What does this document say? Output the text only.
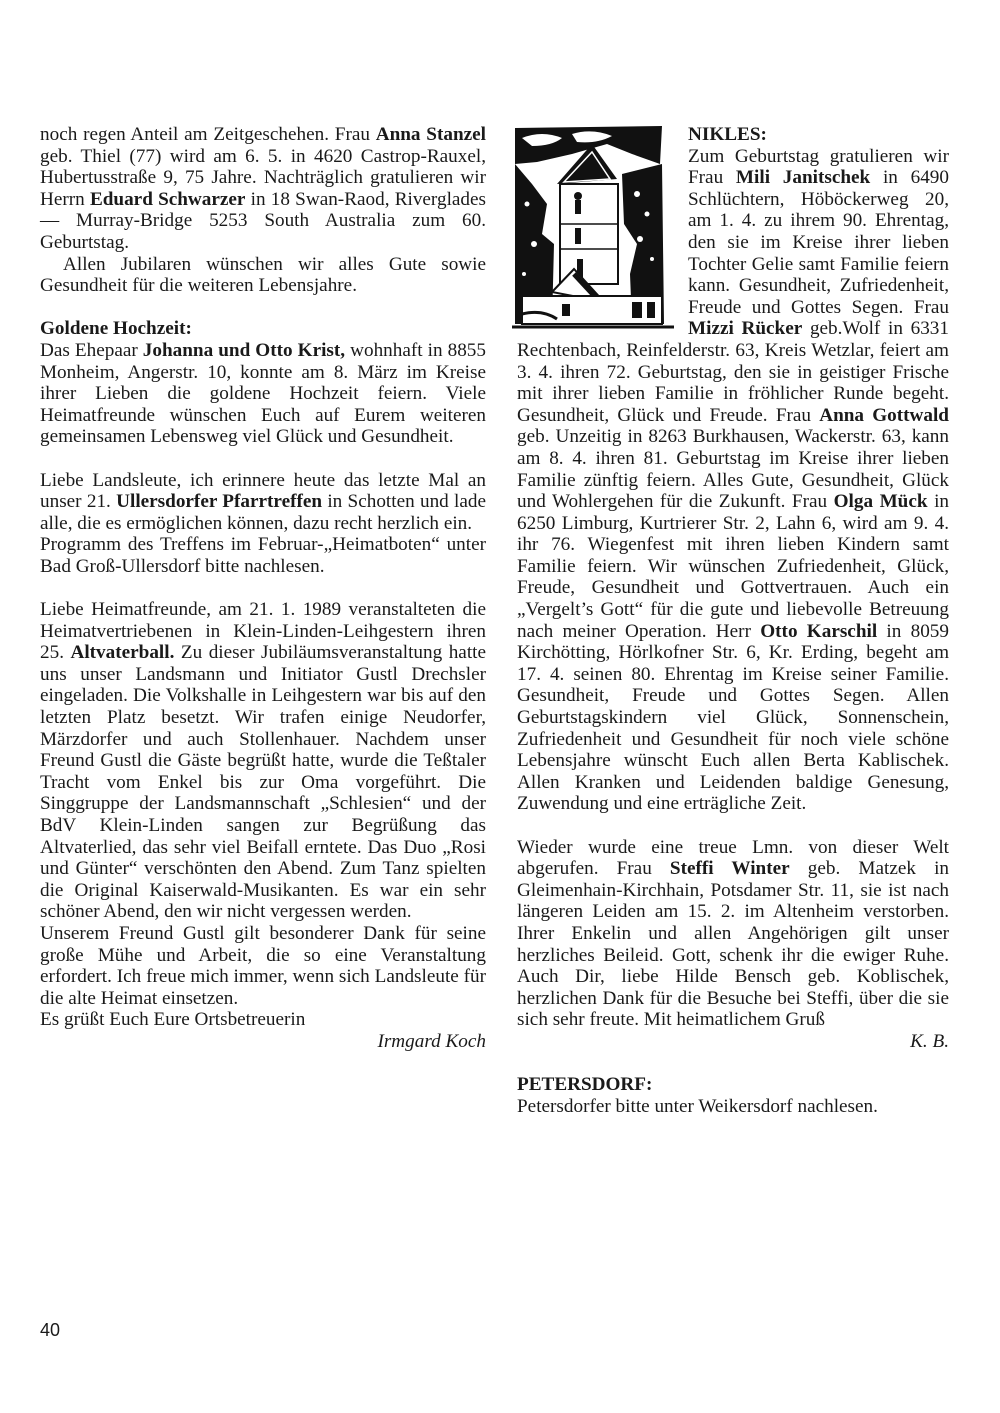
noch regen Anteil am Zeitgeschehen. Frau Anna Stanzel geb. Thiel (77) wird am 6. 5. in 4620 Castrop-Rauxel, Hubertusstraße 9, 75 Jahre. Nachträglich gratulieren wir Herrn Eduard Schwarzer in 18 Swan-Raod, Riverglades — Murray-Bridge 5253 South Australia zum 60. Geburtstag.

Allen Jubilaren wünschen wir alles Gute sowie Gesundheit für die weiteren Lebensjahre.

Goldene Hochzeit:

Das Ehepaar Johanna und Otto Krist, wohnhaft in 8855 Monheim, Angerstr. 10, konnte am 8. März im Kreise ihrer Lieben die goldene Hochzeit feiern. Viele Heimatfreunde wünschen Euch auf Eurem weiteren gemeinsamen Lebensweg viel Glück und Gesundheit.

Liebe Landsleute, ich erinnere heute das letzte Mal an unser 21. Ullersdorfer Pfarrtreffen in Schotten und lade alle, die es ermöglichen können, dazu recht herzlich ein.

Programm des Treffens im Februar-„Heimatboten“ unter Bad Groß-Ullersdorf bitte nachlesen.

Liebe Heimatfreunde, am 21. 1. 1989 veranstalteten die Heimatvertriebenen in Klein-Linden-Leihgestern ihren 25. Altvaterball. Zu dieser Jubiläumsveranstaltung hatte uns unser Landsmann und Initiator Gustl Drechsler eingeladen. Die Volkshalle in Leihgestern war bis auf den letzten Platz besetzt. Wir trafen einige Neudorfer, Märzdorfer und auch Stollenhauer. Nachdem unser Freund Gustl die Gäste begrüßt hatte, wurde die Teßtaler Tracht vom Enkel bis zur Oma vorgeführt. Die Singgruppe der Landsmannschaft „Schlesien“ und der BdV Klein-Linden sangen zur Begrüßung das Altvaterlied, das sehr viel Beifall erntete. Das Duo „Rosi und Günter“ verschönten den Abend. Zum Tanz spielten die Original Kaiserwald-Musikanten. Es war ein sehr schöner Abend, den wir nicht vergessen werden.

Unserem Freund Gustl gilt besonderer Dank für seine große Mühe und Arbeit, die so eine Veranstaltung erfordert. Ich freue mich immer, wenn sich Landsleute für die alte Heimat einsetzen.

Es grüßt Euch Eure Ortsbetreuerin

Irmgard Koch

NIKLES:

Zum Geburtstag gratulieren wir Frau Mili Janitschek in 6490 Schlüchtern, Höböckerweg 20, am 1. 4. zu ihrem 90. Ehrentag, den sie im Kreise ihrer lieben Tochter Gelie samt Familie feiern kann. Gesundheit, Zufriedenheit, Freude und Gottes Segen. Frau Mizzi Rücker geb.Wolf in 6331 Rechtenbach, Reinfelderstr. 63, Kreis Wetzlar, feiert am 3. 4. ihren 72. Geburtstag, den sie in geistiger Frische mit ihrer lieben Familie in fröhlicher Runde begeht. Gesundheit, Glück und Freude. Frau Anna Gottwald geb. Unzeitig in 8263 Burkhausen, Wackerstr. 63, kann am 8. 4. ihren 81. Geburtstag im Kreise ihrer lieben Familie zünftig feiern. Alles Gute, Gesundheit, Glück und Wohlergehen für die Zukunft. Frau Olga Mück in 6250 Limburg, Kurtrierer Str. 2, Lahn 6, wird am 9. 4. ihr 76. Wiegenfest mit ihren lieben Kindern samt Familie feiern. Wir wünschen Zufriedenheit, Glück, Freude, Gesundheit und Gottvertrauen. Auch ein „Vergelt’s Gott“ für die gute und liebevolle Betreuung nach meiner Operation. Herr Otto Karschil in 8059 Kirchötting, Hörlkofner Str. 6, Kr. Erding, begeht am 17. 4. seinen 80. Ehrentag im Kreise seiner Familie. Gesundheit, Freude und Gottes Segen. Allen Geburtstagskindern viel Glück, Sonnenschein, Zufriedenheit und Gesundheit für noch viele schöne Lebensjahre wünscht Euch allen Berta Kablischek. Allen Kranken und Leidenden baldige Genesung, Zuwendung und eine erträgliche Zeit.

Wieder wurde eine treue Lmn. von dieser Welt abgerufen. Frau Steffi Winter geb. Matzek in Gleimenhain-Kirchhain, Potsdamer Str. 11, sie ist nach längeren Leiden am 15. 2. im Altenheim verstorben. Ihrer Enkelin und allen Angehörigen gilt unser herzliches Beileid. Gott, schenk ihr die ewiger Ruhe. Auch Dir, liebe Hilde Bensch geb. Koblischek, herzlichen Dank für die Besuche bei Steffi, über die sie sich sehr freute. Mit heimatlichem Gruß

K. B.

PETERSDORF:

Petersdorfer bitte unter Weikersdorf nachlesen.

40
